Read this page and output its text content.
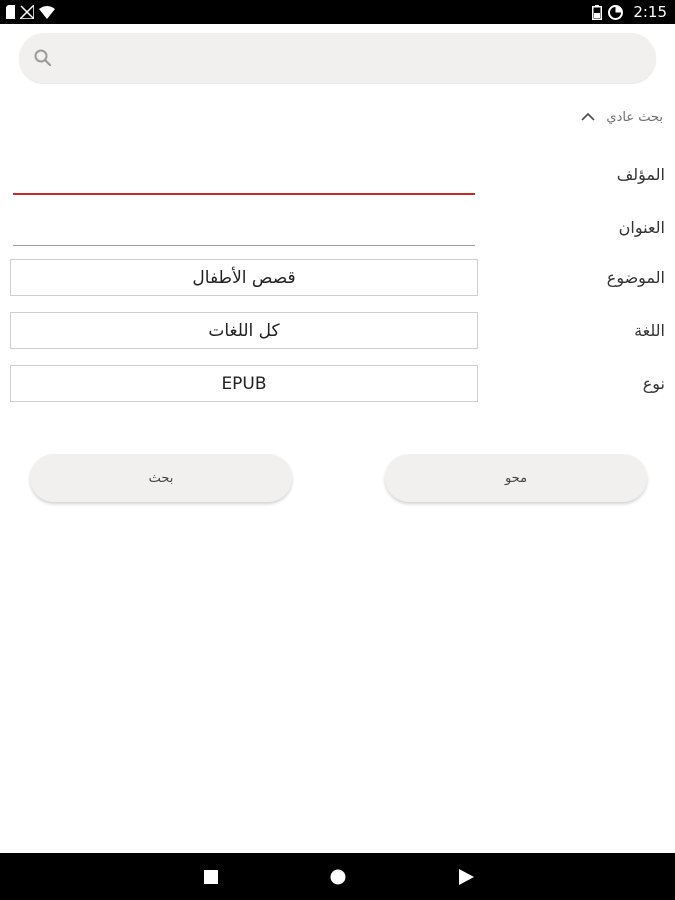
2:15
بحث عادي
المؤلف
العنوان
الموضوع
قصص الأطفال
اللغة
كل اللغات
نوع
EPUB
بحث	محو
